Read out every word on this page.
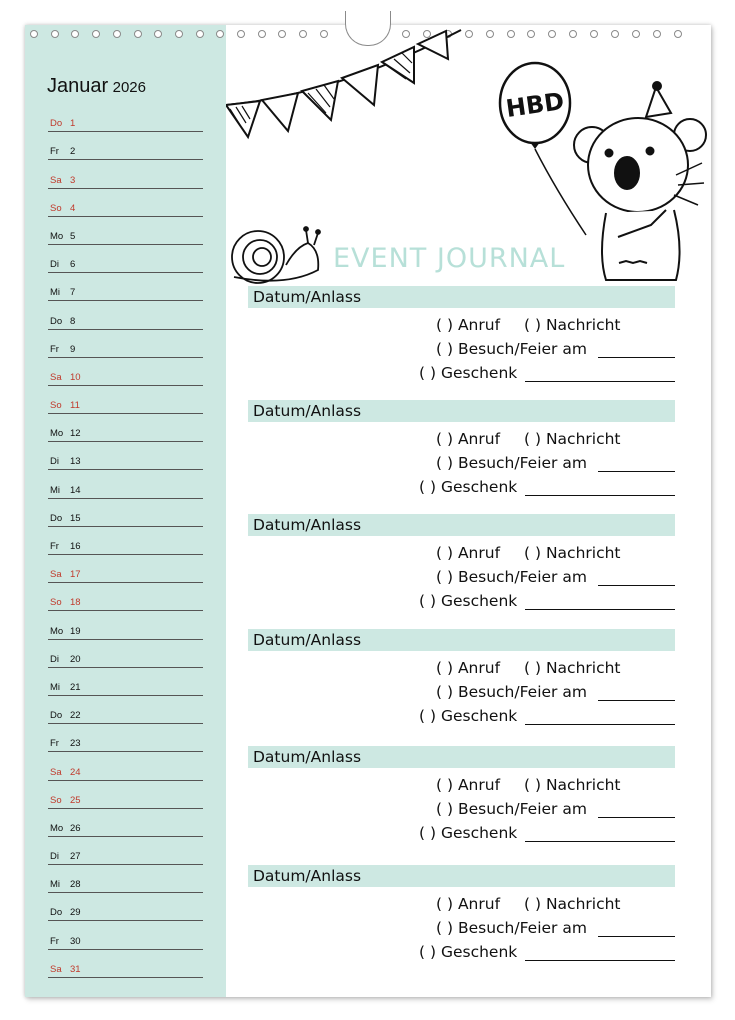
Januar 2026
Do 1
Fr 2
Sa 3
So 4
Mo 5
Di 6
Mi 7
Do 8
Fr 9
Sa 10
So 11
Mo 12
Di 13
Mi 14
Do 15
Fr 16
Sa 17
So 18
Mo 19
Di 20
Mi 21
Do 22
Fr 23
Sa 24
So 25
Mo 26
Di 27
Mi 28
Do 29
Fr 30
Sa 31
HBD
EVENT JOURNAL
Datum/Anlass
( ) Anruf ( ) Nachricht
( ) Besuch/Feier am
( ) Geschenk
Datum/Anlass
( ) Anruf ( ) Nachricht
( ) Besuch/Feier am
( ) Geschenk
Datum/Anlass
( ) Anruf ( ) Nachricht
( ) Besuch/Feier am
( ) Geschenk
Datum/Anlass
( ) Anruf ( ) Nachricht
( ) Besuch/Feier am
( ) Geschenk
Datum/Anlass
( ) Anruf ( ) Nachricht
( ) Besuch/Feier am
( ) Geschenk
Datum/Anlass
( ) Anruf ( ) Nachricht
( ) Besuch/Feier am
( ) Geschenk
